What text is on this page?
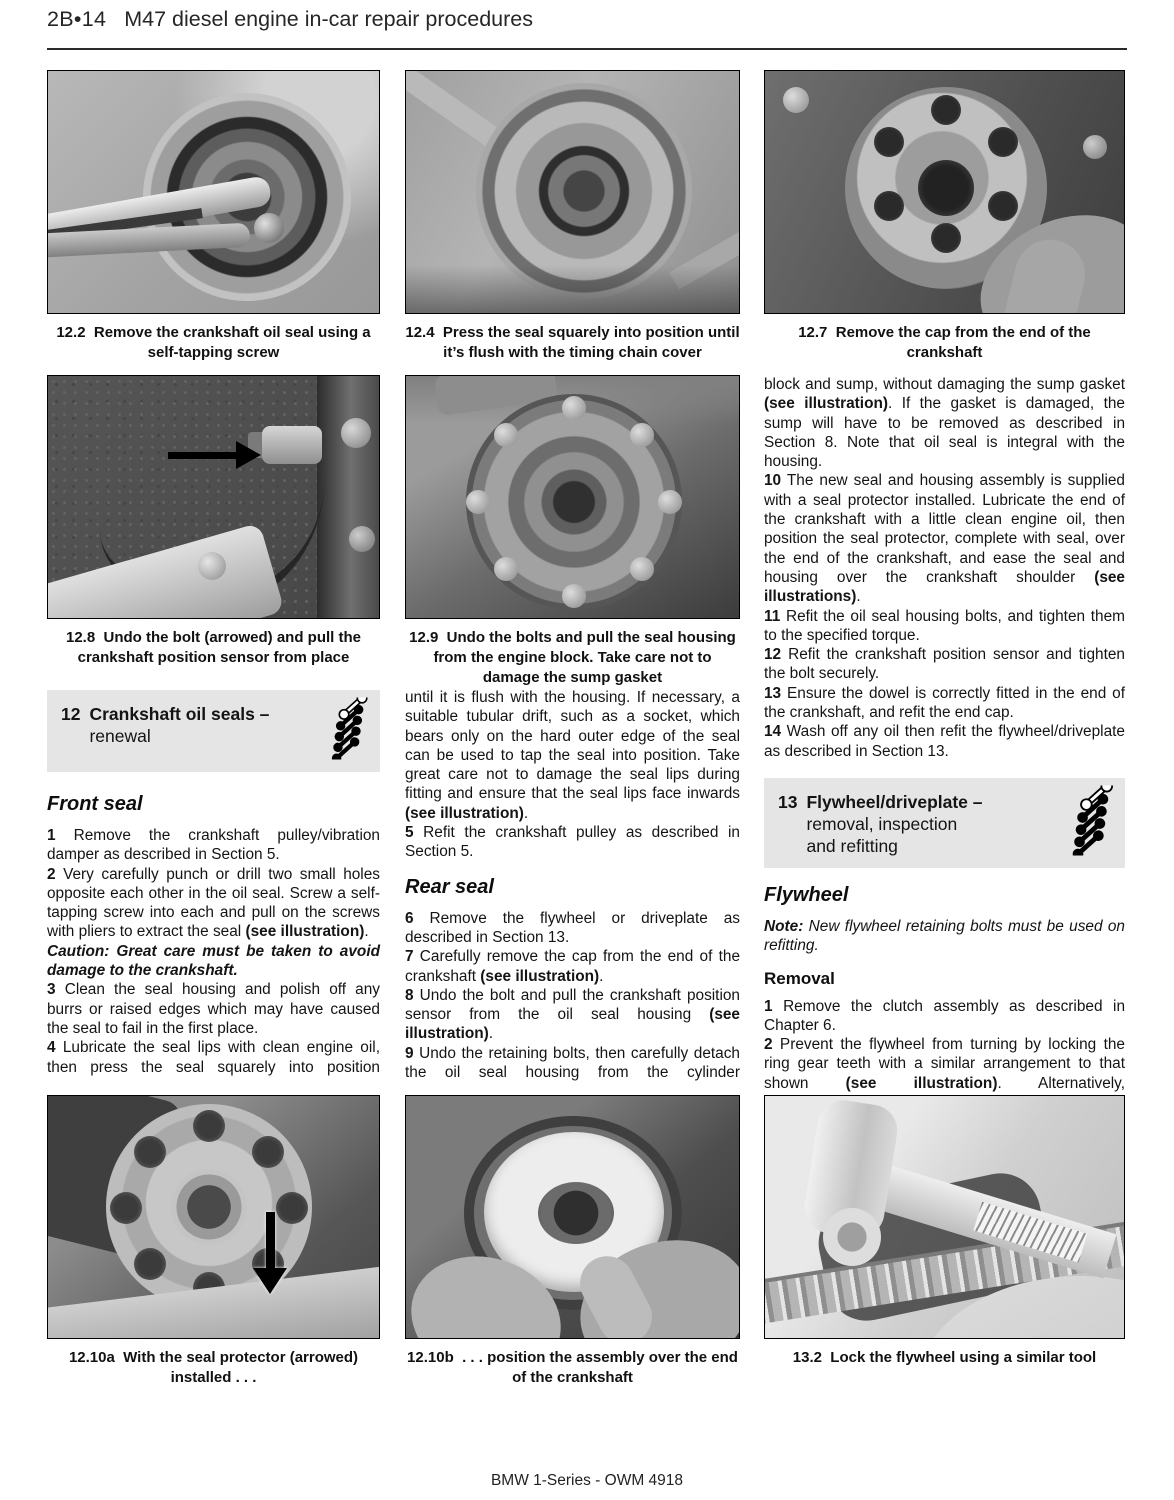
2B•14 M47 diesel engine in-car repair procedures
12.2  Remove the crankshaft oil seal using a self-tapping screw
12.4  Press the seal squarely into position until it’s flush with the timing chain cover
12.7  Remove the cap from the end of the crankshaft
12.8  Undo the bolt (arrowed) and pull the crankshaft position sensor from place
12.9  Undo the bolts and pull the seal housing from the engine block. Take care not to damage the sump gasket
12 Crankshaft oil seals –
renewal
Front seal

1 Remove the crankshaft pulley/vibration damper as described in Section 5.

2 Very carefully punch or drill two small holes opposite each other in the oil seal. Screw a self-tapping screw into each and pull on the screws with pliers to extract the seal (see illustration).

Caution: Great care must be taken to avoid damage to the crankshaft.

3 Clean the seal housing and polish off any burrs or raised edges which may have caused the seal to fail in the first place.

4 Lubricate the seal lips with clean engine oil, then press the seal squarely into position

until it is flush with the housing. If necessary, a suitable tubular drift, such as a socket, which bears only on the hard outer edge of the seal can be used to tap the seal into position. Take great care not to damage the seal lips during fitting and ensure that the seal lips face inwards (see illustration).

5 Refit the crankshaft pulley as described in Section 5.

Rear seal

6 Remove the flywheel or driveplate as described in Section 13.

7 Carefully remove the cap from the end of the crankshaft (see illustration).

8 Undo the bolt and pull the crankshaft position sensor from the oil seal housing (see illustration).

9 Undo the retaining bolts, then carefully detach the oil seal housing from the cylinder

block and sump, without damaging the sump gasket (see illustration). If the gasket is damaged, the sump will have to be removed as described in Section 8. Note that oil seal is integral with the housing.

10 The new seal and housing assembly is supplied with a seal protector installed. Lubricate the end of the crankshaft with a little clean engine oil, then position the seal protector, complete with seal, over the end of the crankshaft, and ease the seal and housing over the crankshaft shoulder (see illustrations).

11 Refit the oil seal housing bolts, and tighten them to the specified torque.

12 Refit the crankshaft position sensor and tighten the bolt securely.

13 Ensure the dowel is correctly fitted in the end of the crankshaft, and refit the end cap.

14 Wash off any oil then refit the flywheel/driveplate as described in Section 13.

13 Flywheel/driveplate –
removal, inspection
and refitting
Flywheel

Note: New flywheel retaining bolts must be used on refitting.

Removal

1 Remove the clutch assembly as described in Chapter 6.

2 Prevent the flywheel from turning by locking the ring gear teeth with a similar arrangement to that shown (see illustration). Alternatively,

12.10a  With the seal protector (arrowed) installed . . .
12.10b  . . . position the assembly over the end of the crankshaft
13.2  Lock the flywheel using a similar tool
BMW 1-Series - OWM 4918
